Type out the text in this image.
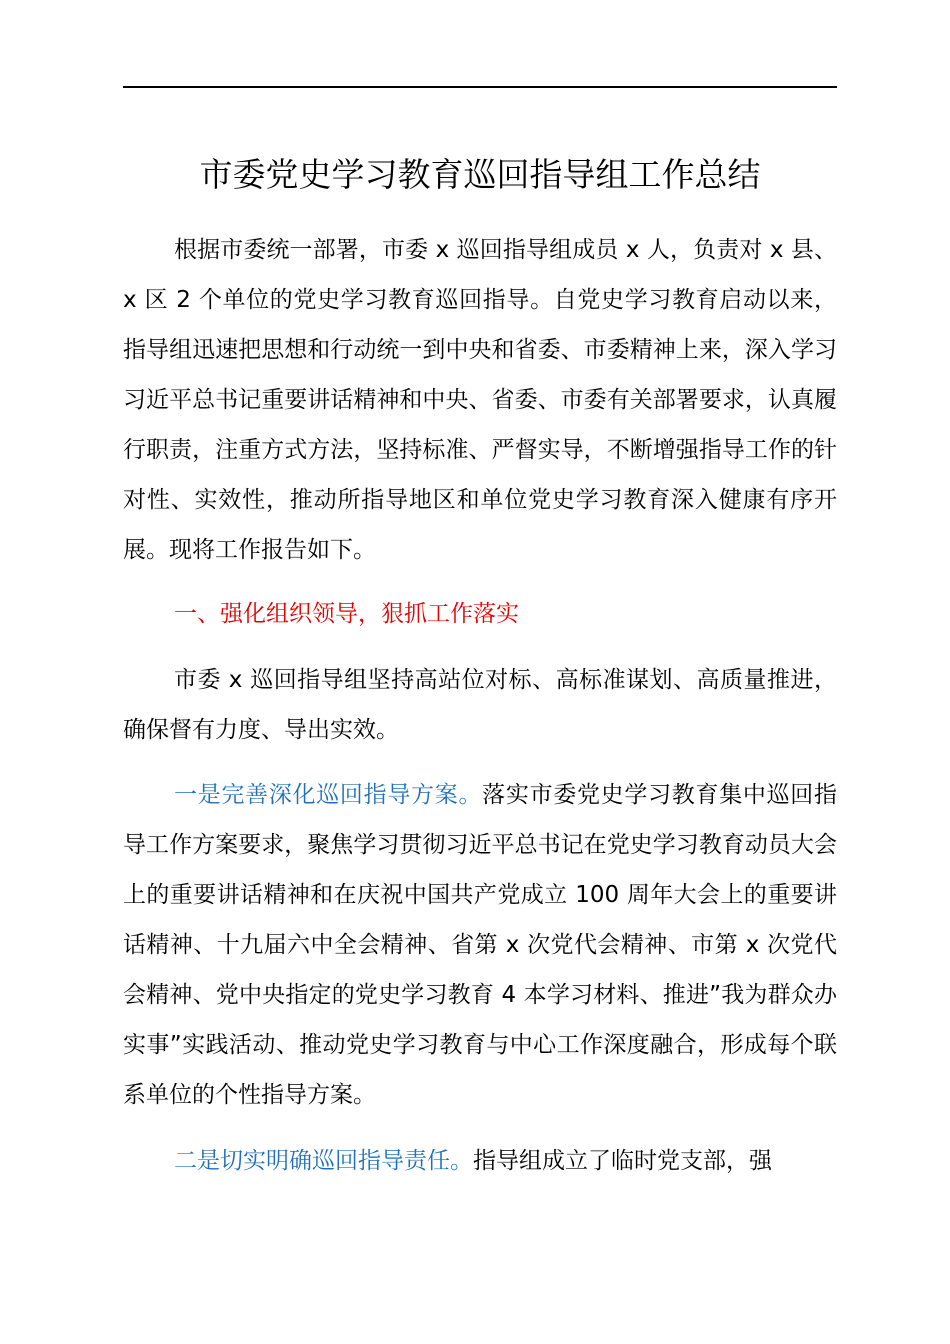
市委党史学习教育巡回指导组工作总结

根据市委统一部署，市委 x 巡回指导组成员 x 人，负责对 x 县、x 区 2 个单位的党史学习教育巡回指导。自党史学习教育启动以来，指导组迅速把思想和行动统一到中央和省委、市委精神上来，深入学习习近平总书记重要讲话精神和中央、省委、市委有关部署要求，认真履行职责，注重方式方法，坚持标准、严督实导，不断增强指导工作的针对性、实效性，推动所指导地区和单位党史学习教育深入健康有序开展。现将工作报告如下。

一、强化组织领导，狠抓工作落实

市委 x 巡回指导组坚持高站位对标、高标准谋划、高质量推进，确保督有力度、导出实效。

一是完善深化巡回指导方案。落实市委党史学习教育集中巡回指导工作方案要求，聚焦学习贯彻习近平总书记在党史学习教育动员大会上的重要讲话精神和在庆祝中国共产党成立 100 周年大会上的重要讲话精神、十九届六中全会精神、省第 x 次党代会精神、市第 x 次党代会精神、党中央指定的党史学习教育 4 本学习材料、推进”我为群众办实事”实践活动、推动党史学习教育与中心工作深度融合，形成每个联系单位的个性指导方案。

二是切实明确巡回指导责任。指导组成立了临时党支部，强
